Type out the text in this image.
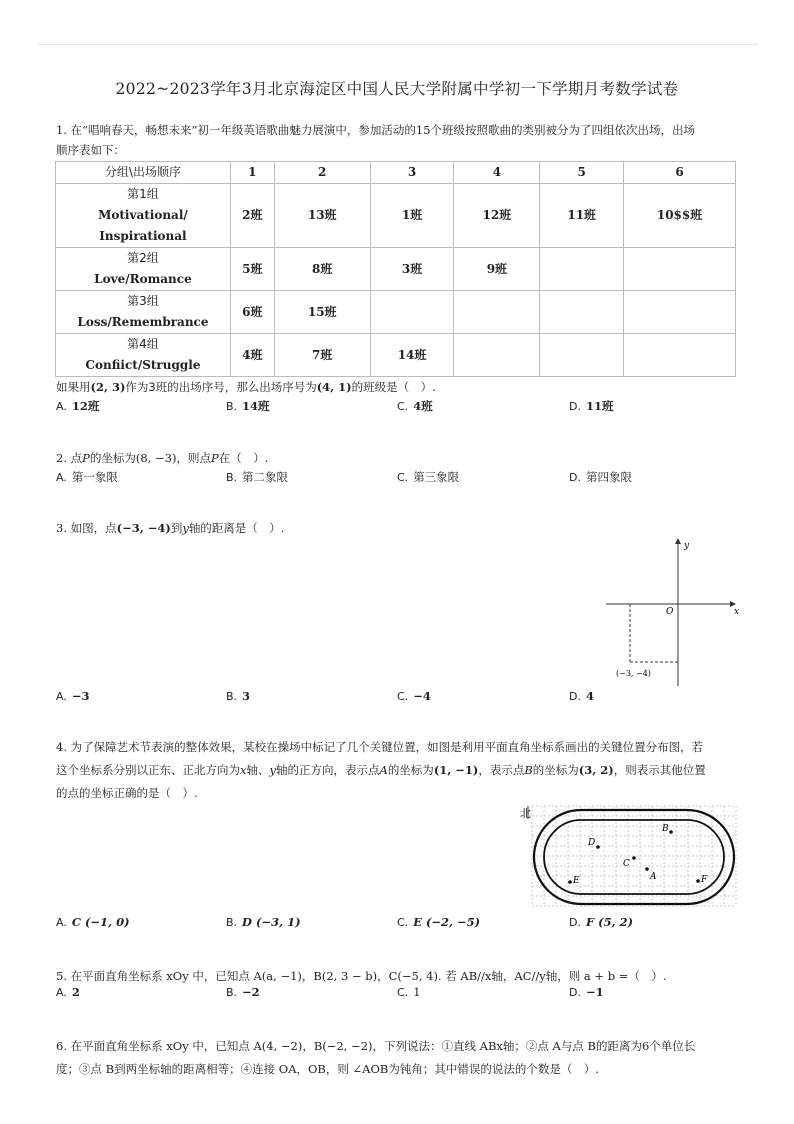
2022~2023学年3月北京海淀区中国人民大学附属中学初一下学期月考数学试卷
1. 在“唱响春天，畅想未来”初一年级英语歌曲魅力展演中，参加活动的15个班级按照歌曲的类别被分为了四组依次出场，出场
顺序表如下：
分组\出场顺序	1	2	3	4	5	6

第1组
Motivational/
Inspirational	2班	13班	1班	12班	11班	10$$班

第2组
Love/Romance	5班	8班	3班	9班		

第3组
Loss/Remembrance	6班	15班				

第4组
Confiict/Struggle	4班	7班	14班			
如果用(2, 3)作为3班的出场序号，那么出场序号为(4, 1)的班级是（　）.
A. 12班	B. 14班	C. 4班	D. 11班
2. 点P的坐标为(8, −3)，则点P在（　）.
A. 第一象限	B. 第二象限	C. 第三象限	D. 第四象限
3. 如图，点(−3, −4)到y轴的距离是（　）.
y
x
O
(−3, −4)
A. −3	B. 3	C. −4	D. 4
4. 为了保障艺术节表演的整体效果，某校在操场中标记了几个关键位置，如图是利用平面直角坐标系画出的关键位置分布图，若
这个坐标系分别以正东、正北方向为x轴、y轴的正方向，表示点A的坐标为(1, −1)，表示点B的坐标为(3, 2)，则表示其他位置
的点的坐标正确的是（　）.
北
D
B
C
A
E	F
A. C (−1, 0)	B. D (−3, 1)	C. E (−2, −5)	D. F (5, 2)
5. 在平面直角坐标系 xOy 中，已知点 A(a, −1)，B(2, 3 − b)，C(−5, 4). 若 AB//x轴，AC//y轴，则 a + b =（　）.
A. 2	B. −2	C. 1	D. −1
6. 在平面直角坐标系 xOy 中，已知点 A(4, −2)，B(−2, −2)，下列说法：①直线 ABx轴；②点 A与点 B的距离为6个单位长
度；③点 B到两坐标轴的距离相等；④连接 OA，OB，则 ∠AOB为钝角；其中错误的说法的个数是（　）.
